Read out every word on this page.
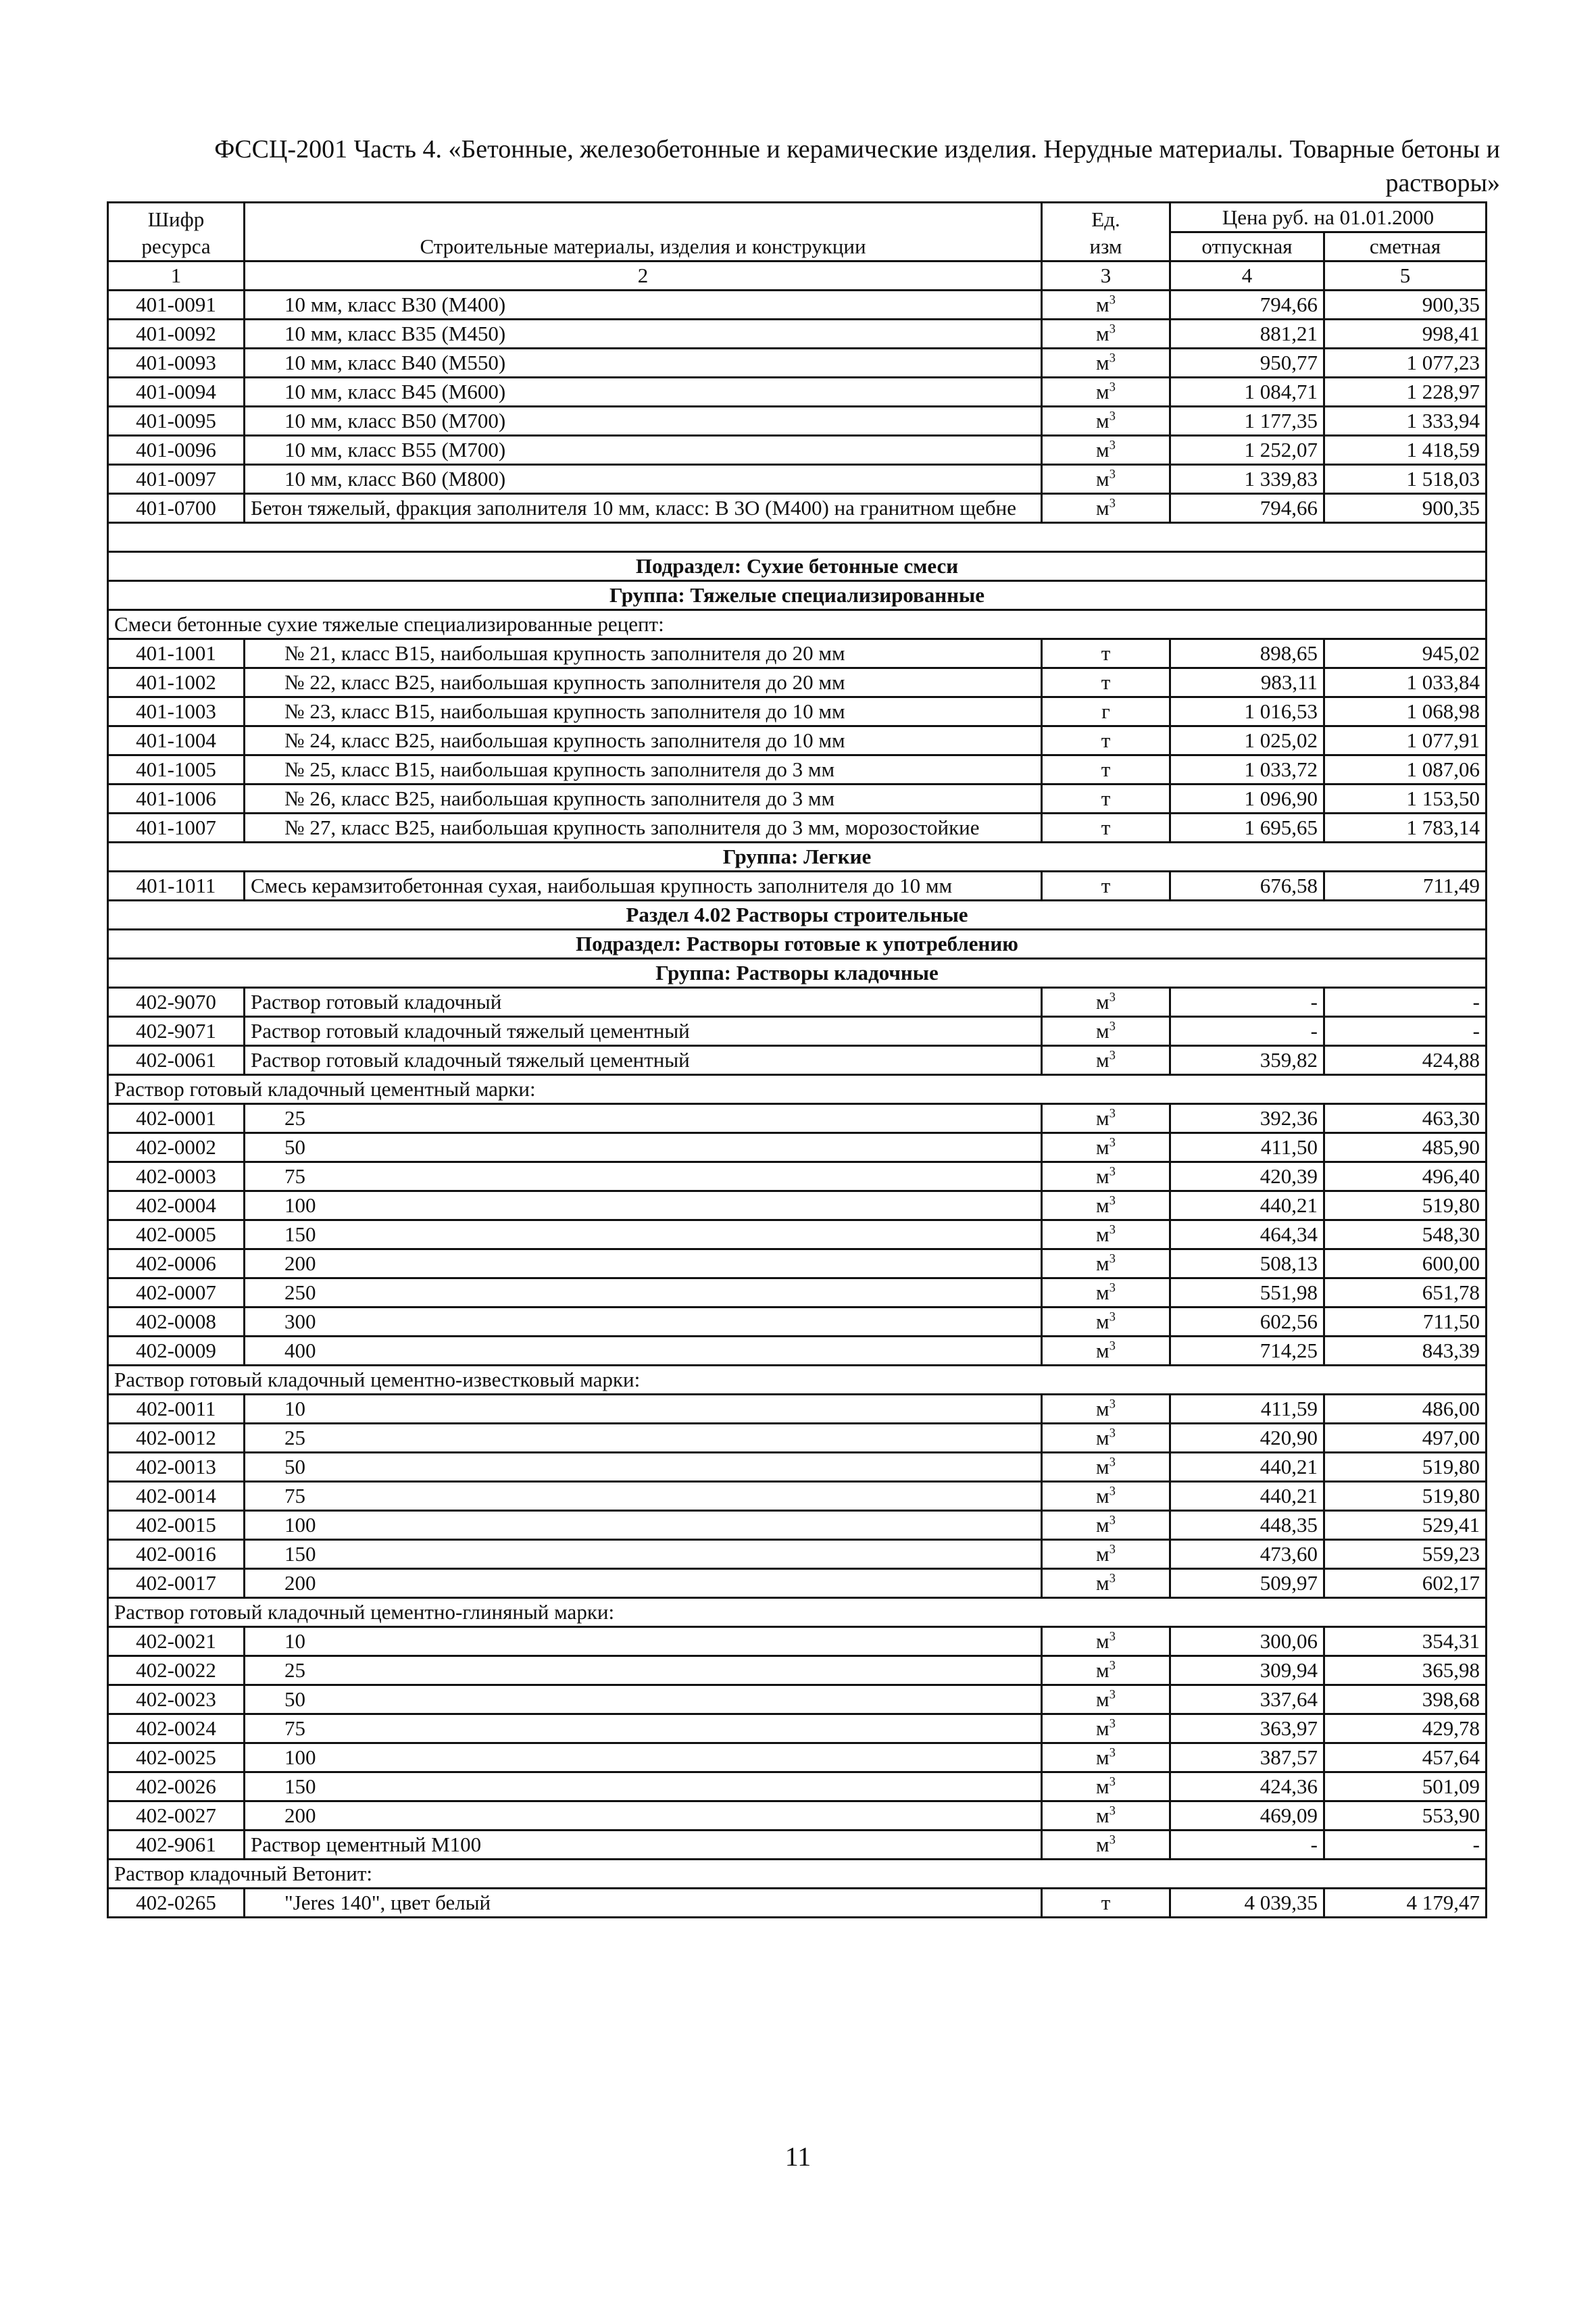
ФССЦ-2001 Часть 4. «Бетонные, железобетонные и керамические изделия. Нерудные материалы. Товарные бетоны и
растворы»
Шифр ресурса	Строительные материалы, изделия и конструкции	Ед. изм	Цена руб. на 01.01.2000	
			отпускная	сметная
1	2	3	4	5
401-0091	10 мм, класс В30 (М400)	$м^3$	794,66	900,35
401-0092	10 мм, класс В35 (М450)	$м^3$	881,21	998,41
401-0093	10 мм, класс В40 (М550)	$м^3$	950,77	1 077,23
401-0094	10 мм, класс В45 (М600)	$м^3$	1 084,71	1 228,97
401-0095	10 мм, класс В50 (М700)	$м^3$	1 177,35	1 333,94
401-0096	10 мм, класс В55 (М700)	$м^3$	1 252,07	1 418,59
401-0097	10 мм, класс В60 (М800)	$м^3$	1 339,83	1 518,03
401-0700	Бетон тяжелый, фракция заполнителя 10 мм, класс: В 3О (М400) на гранитном щебне	$м^3$	794,66	900,35

Подраздел: Сухие бетонные смеси				
Группа: Тяжелые специализированные				
Смеси бетонные сухие тяжелые специализированные рецепт:				
401-1001	№ 21, класс В15, наибольшая крупность заполнителя до 20 мм	т	898,65	945,02
401-1002	№ 22, класс В25, наибольшая крупность заполнителя до 20 мм	т	983,11	1 033,84
401-1003	№ 23, класс В15, наибольшая крупность заполнителя до 10 мм	г	1 016,53	1 068,98
401-1004	№ 24, класс В25, наибольшая крупность заполнителя до 10 мм	т	1 025,02	1 077,91
401-1005	№ 25, класс В15, наибольшая крупность заполнителя до 3 мм	т	1 033,72	1 087,06
401-1006	№ 26, класс В25, наибольшая крупность заполнителя до 3 мм	т	1 096,90	1 153,50
401-1007	№ 27, класс В25, наибольшая крупность заполнителя до 3 мм, морозостойкие	т	1 695,65	1 783,14
Группа: Легкие				
401-1011	Смесь керамзитобетонная сухая, наибольшая крупность заполнителя до 10 мм	т	676,58	711,49
Раздел 4.02 Растворы строительные				
Подраздел: Растворы готовые к употреблению				
Группа: Растворы кладочные				
402-9070	Раствор готовый кладочный	$м^3$	-	-
402-9071	Раствор готовый кладочный тяжелый цементный	$м^3$	-	-
402-0061	Раствор готовый кладочный тяжелый цементный	$м^3$	359,82	424,88
Раствор готовый кладочный цементный марки:				
402-0001	25	$м^3$	392,36	463,30
402-0002	50	$м^3$	411,50	485,90
402-0003	75	$м^3$	420,39	496,40
402-0004	100	$м^3$	440,21	519,80
402-0005	150	$м^3$	464,34	548,30
402-0006	200	$м^3$	508,13	600,00
402-0007	250	$м^3$	551,98	651,78
402-0008	300	$м^3$	602,56	711,50
402-0009	400	$м^3$	714,25	843,39
Раствор готовый кладочный цементно-известковый марки:				
402-0011	10	$м^3$	411,59	486,00
402-0012	25	$м^3$	420,90	497,00
402-0013	50	$м^3$	440,21	519,80
402-0014	75	$м^3$	440,21	519,80
402-0015	100	$м^3$	448,35	529,41
402-0016	150	$м^3$	473,60	559,23
402-0017	200	$м^3$	509,97	602,17
Раствор готовый кладочный цементно-глиняный марки:				
402-0021	10	$м^3$	300,06	354,31
402-0022	25	$м^3$	309,94	365,98
402-0023	50	$м^3$	337,64	398,68
402-0024	75	$м^3$	363,97	429,78
402-0025	100	$м^3$	387,57	457,64
402-0026	150	$м^3$	424,36	501,09
402-0027	200	$м^3$	469,09	553,90
402-9061	Раствор цементный М100	$м^3$	-	-
Раствор кладочный Ветонит:				
402-0265	"Jeres 140", цвет белый	т	4 039,35	4 179,47
11
